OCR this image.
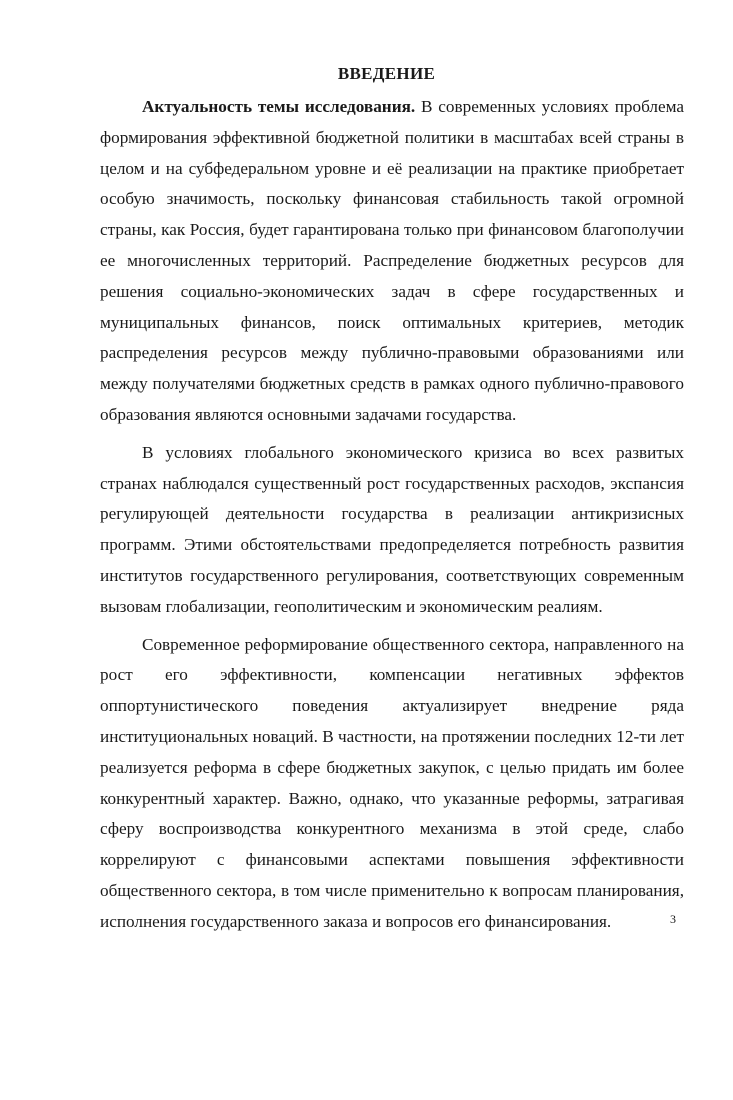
ВВЕДЕНИЕ

Актуальность темы исследования. В современных условиях проблема формирования эффективной бюджетной политики в масштабах всей страны в целом и на субфедеральном уровне и её реализации на практике приобретает особую значимость, поскольку финансовая стабильность такой огромной страны, как Россия, будет гарантирована только при финансовом благополучии ее многочисленных территорий. Распределение бюджетных ресурсов для решения социально-экономических задач в сфере государственных и муниципальных финансов, поиск оптимальных критериев, методик распределения ресурсов между публично-правовыми образованиями или между получателями бюджетных средств в рамках одного публично-правового образования являются основными задачами государства.

В условиях глобального экономического кризиса во всех развитых странах наблюдался существенный рост государственных расходов, экспансия регулирующей деятельности государства в реализации антикризисных программ. Этими обстоятельствами предопределяется потребность развития институтов государственного регулирования, соответствующих современным вызовам глобализации, геополитическим и экономическим реалиям.

Современное реформирование общественного сектора, направленного на рост его эффективности, компенсации негативных эффектов оппортунистического поведения актуализирует внедрение ряда институциональных новаций. В частности, на протяжении последних 12-ти лет реализуется реформа в сфере бюджетных закупок, с целью придать им более конкурентный характер. Важно, однако, что указанные реформы, затрагивая сферу воспроизводства конкурентного механизма в этой среде, слабо коррелируют с финансовыми аспектами повышения эффективности общественного сектора, в том числе применительно к вопросам планирования, исполнения государственного заказа и вопросов его финансирования.	3
